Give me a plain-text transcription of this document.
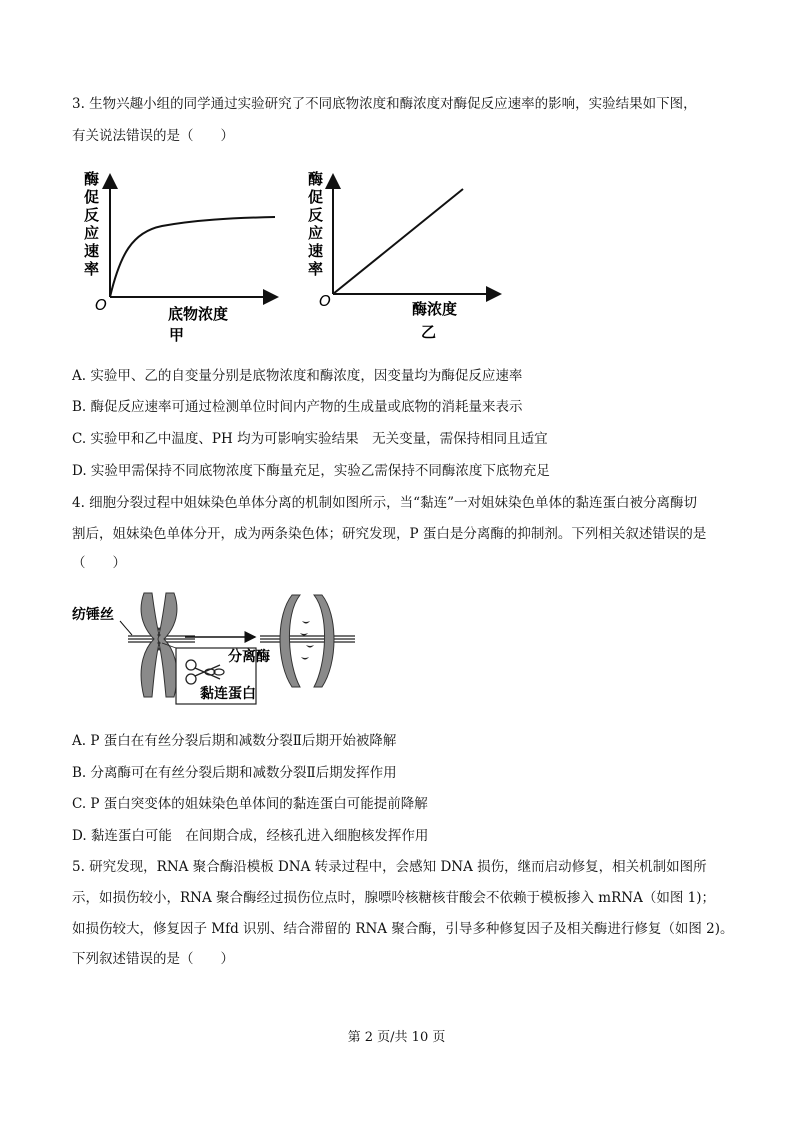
3. 生物兴趣小组的同学通过实验研究了不同底物浓度和酶浓度对酶促反应速率的影响，实验结果如下图，
有关说法错误的是（　　）
酶
促
反
应
速
率
O	底物浓度
甲
酶
促
反
应
速
率
O	酶浓度
乙
A. 实验甲、乙的自变量分别是底物浓度和酶浓度，因变量均为酶促反应速率
B. 酶促反应速率可通过检测单位时间内产物的生成量或底物的消耗量来表示
C. 实验甲和乙中温度、PH 均为可影响实验结果　无关变量，需保持相同且适宜
D. 实验甲需保持不同底物浓度下酶量充足，实验乙需保持不同酶浓度下底物充足
4. 细胞分裂过程中姐妹染色单体分离的机制如图所示，当“黏连”一对姐妹染色单体的黏连蛋白被分离酶切
割后，姐妹染色单体分开，成为两条染色体；研究发现，P 蛋白是分离酶的抑制剂。下列相关叙述错误的是
（　　）
纺锤丝
分离酶
黏连蛋白
A. P 蛋白在有丝分裂后期和减数分裂Ⅱ后期开始被降解
B. 分离酶可在有丝分裂后期和减数分裂Ⅱ后期发挥作用
C. P 蛋白突变体的姐妹染色单体间的黏连蛋白可能提前降解
D. 黏连蛋白可能　在间期合成，经核孔进入细胞核发挥作用
5. 研究发现，RNA 聚合酶沿模板 DNA 转录过程中，会感知 DNA 损伤，继而启动修复，相关机制如图所
示，如损伤较小，RNA 聚合酶经过损伤位点时，腺嘌呤核糖核苷酸会不依赖于模板掺入 mRNA（如图 1)；
如损伤较大，修复因子 Mfd 识别、结合滞留的 RNA 聚合酶，引导多种修复因子及相关酶进行修复（如图 2)。
下列叙述错误的是（　　）
第 2 页/共 10 页
